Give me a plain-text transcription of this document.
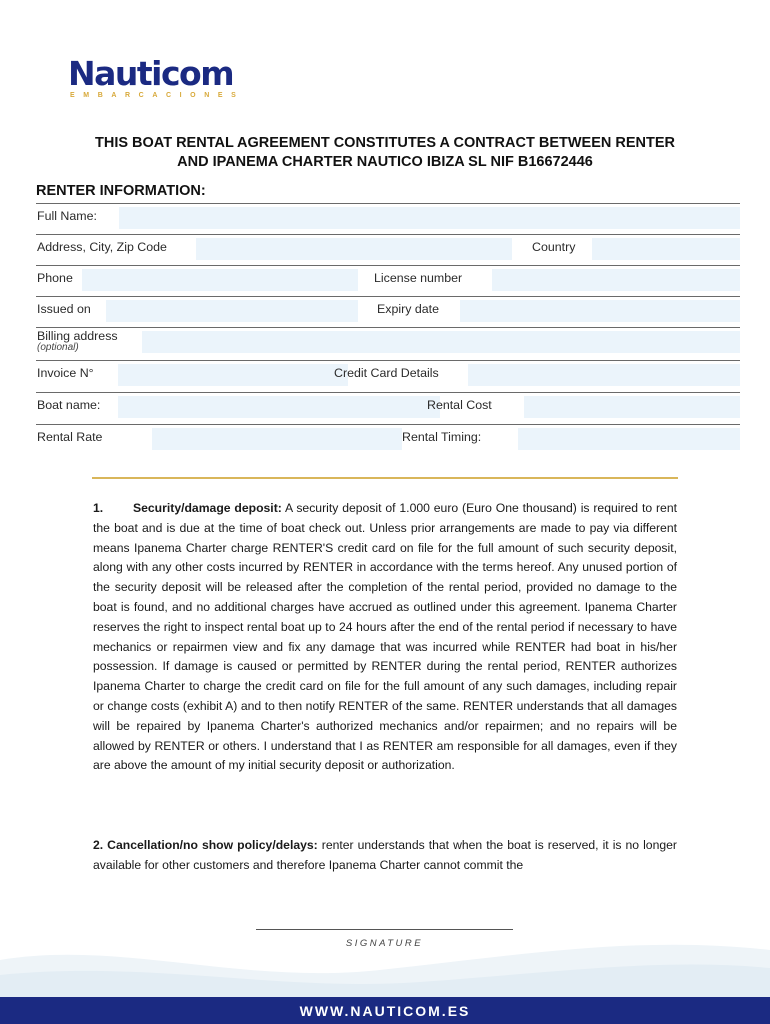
Nauticom
EMBARCACIONES
THIS BOAT RENTAL AGREEMENT CONSTITUTES A CONTRACT BETWEEN RENTER
AND IPANEMA CHARTER NAUTICO IBIZA SL NIF B16672446
RENTER INFORMATION:
Full Name:
Address, City, Zip Code	Country
Phone	License number
Issued on	Expiry date
Billing address
(optional)
Invoice N°	Credit Card Details
Boat name:	Rental Cost
Rental Rate	Rental Timing:
1. Security/damage deposit: A security deposit of 1.000 euro (Euro One thousand) is required to rent the boat and is due at the time of boat check out. Unless prior arrangements are made to pay via different means Ipanema Charter charge RENTER'S credit card on file for the full amount of such security deposit, along with any other costs incurred by RENTER in accordance with the terms hereof. Any unused portion of the security deposit will be released after the completion of the rental period, provided no damage to the boat is found, and no additional charges have accrued as outlined under this agreement. Ipanema Charter reserves the right to inspect rental boat up to 24 hours after the end of the rental period if necessary to have mechanics or repairmen view and fix any damage that was incurred while RENTER had boat in his/her possession. If damage is caused or permitted by RENTER during the rental period, RENTER authorizes Ipanema Charter to charge the credit card on file for the full amount of any such damages, including repair or change costs (exhibit A) and to then notify RENTER of the same. RENTER understands that all damages will be repaired by Ipanema Charter's authorized mechanics and/or repairmen; and no repairs will be allowed by RENTER or others. I understand that I as RENTER am responsible for all damages, even if they are above the amount of my initial security deposit or authorization.
2. Cancellation/no show policy/delays: renter understands that when the boat is reserved, it is no longer available for other customers and therefore Ipanema Charter cannot commit the
SIGNATURE
WWW.NAUTICOM.ES
